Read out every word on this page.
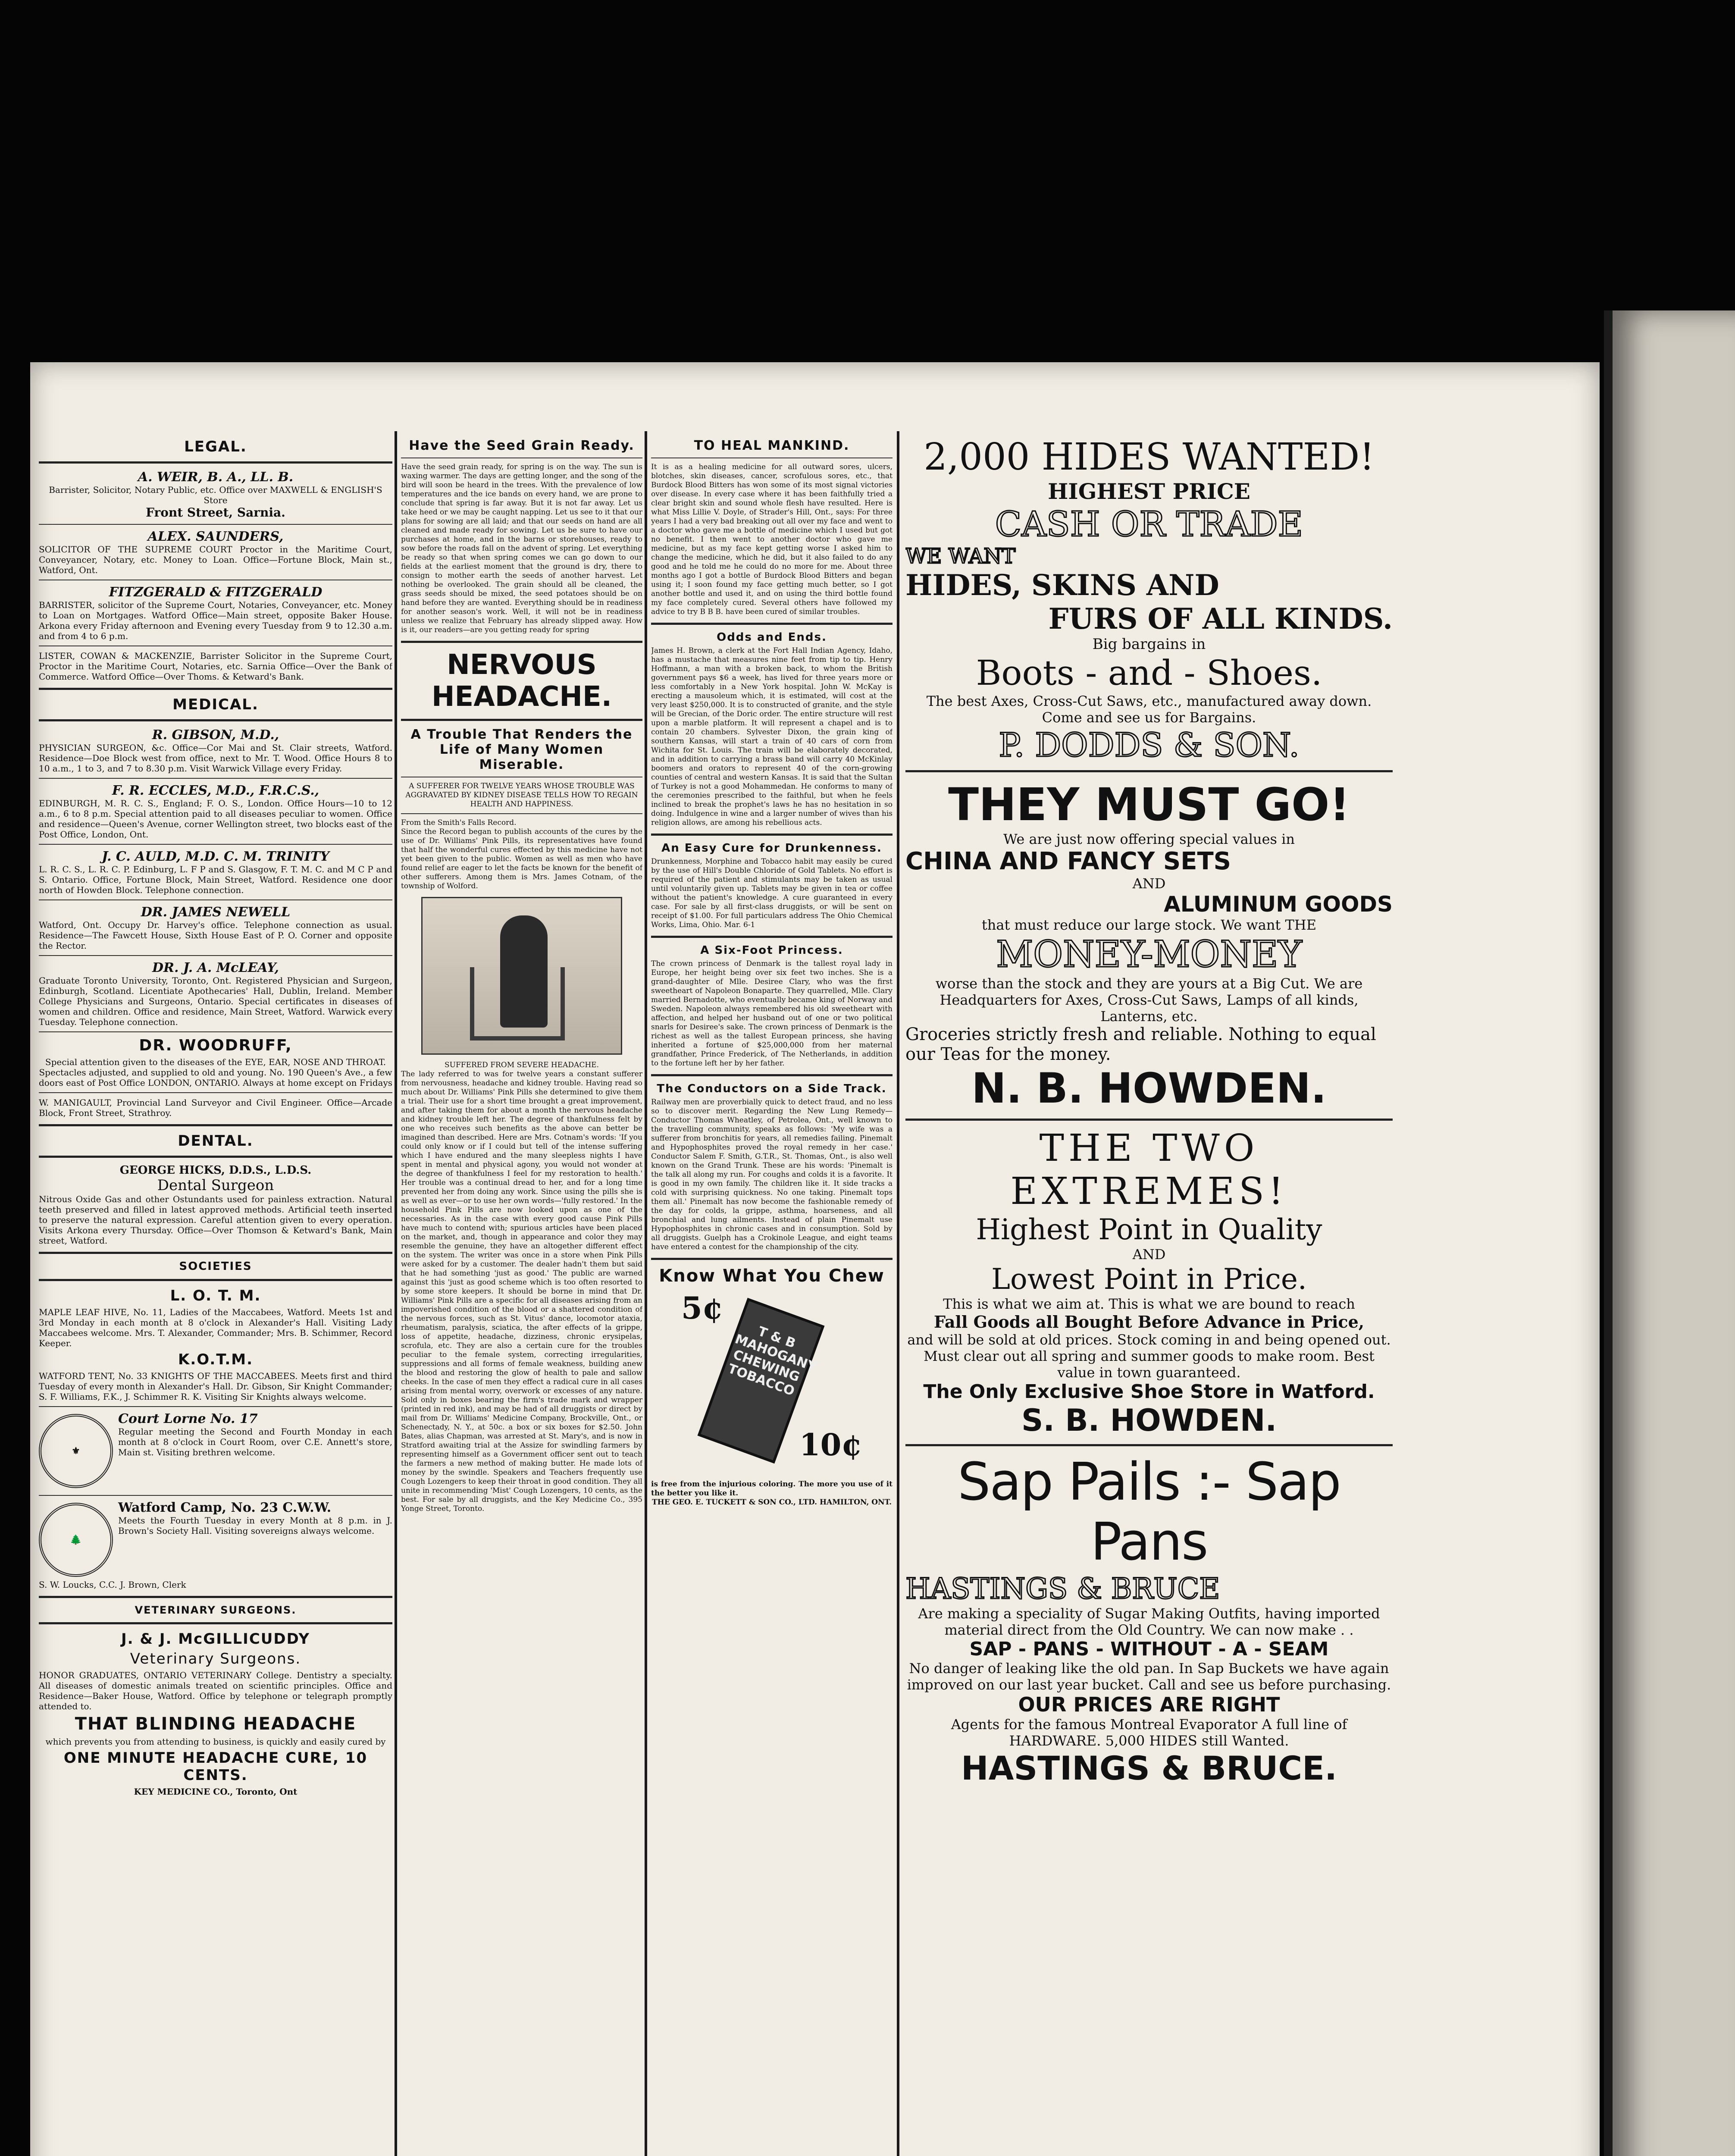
LEGAL.
A. WEIR, B. A., LL. B.
Barrister, Solicitor, Notary Public, etc. Office over MAXWELL & ENGLISH'S Store
Front Street, Sarnia.
ALEX. SAUNDERS,
SOLICITOR OF THE SUPREME COURT Proctor in the Maritime Court, Conveyancer, Notary, etc. Money to Loan. Office—Fortune Block, Main st., Watford, Ont.
FITZGERALD & FITZGERALD
BARRISTER, solicitor of the Supreme Court, Notaries, Conveyancer, etc. Money to Loan on Mortgages. Watford Office—Main street, opposite Baker House. Arkona every Friday afternoon and Evening every Tuesday from 9 to 12.30 a.m. and from 4 to 6 p.m.
LISTER, COWAN & MACKENZIE, Barrister Solicitor in the Supreme Court, Proctor in the Maritime Court, Notaries, etc. Sarnia Office—Over the Bank of Commerce. Watford Office—Over Thoms. & Ketward's Bank.
MEDICAL.
R. GIBSON, M.D.,
PHYSICIAN SURGEON, &c. Office—Cor Mai and St. Clair streets, Watford. Residence—Doe Block west from office, next to Mr. T. Wood. Office Hours 8 to 10 a.m., 1 to 3, and 7 to 8.30 p.m. Visit Warwick Village every Friday.
F. R. ECCLES, M.D., F.R.C.S.,
EDINBURGH, M. R. C. S., England; F. O. S., London. Office Hours—10 to 12 a.m., 6 to 8 p.m. Special attention paid to all diseases peculiar to women. Office and residence—Queen's Avenue, corner Wellington street, two blocks east of the Post Office, London, Ont.
J. C. AULD, M.D. C. M. TRINITY
L. R. C. S., L. R. C. P. Edinburg, L. F P and S. Glasgow, F. T. M. C. and M C P and S. Ontario. Office, Fortune Block, Main Street, Watford. Residence one door north of Howden Block. Telephone connection.
DR. JAMES NEWELL
Watford, Ont. Occupy Dr. Harvey's office. Telephone connection as usual. Residence—The Fawcett House, Sixth House East of P. O. Corner and opposite the Rector.
DR. J. A. McLEAY,
Graduate Toronto University, Toronto, Ont. Registered Physician and Surgeon, Edinburgh, Scotland. Licentiate Apothecaries' Hall, Dublin, Ireland. Member College Physicians and Surgeons, Ontario. Special certificates in diseases of women and children. Office and residence, Main Street, Watford. Warwick every Tuesday. Telephone connection.
DR. WOODRUFF,
Special attention given to the diseases of the EYE, EAR, NOSE AND THROAT. Spectacles adjusted, and supplied to old and young. No. 190 Queen's Ave., a few doors east of Post Office LONDON, ONTARIO. Always at home except on Fridays
W. MANIGAULT, Provincial Land Surveyor and Civil Engineer. Office—Arcade Block, Front Street, Strathroy.
DENTAL.
GEORGE HICKS, D.D.S., L.D.S.
Dental Surgeon
Nitrous Oxide Gas and other Ostundants used for painless extraction. Natural teeth preserved and filled in latest approved methods. Artificial teeth inserted to preserve the natural expression. Careful attention given to every operation. Visits Arkona every Thursday. Office—Over Thomson & Ketward's Bank, Main street, Watford.
SOCIETIES
L. O. T. M.
MAPLE LEAF HIVE, No. 11, Ladies of the Maccabees, Watford. Meets 1st and 3rd Monday in each month at 8 o'clock in Alexander's Hall. Visiting Lady Maccabees welcome. Mrs. T. Alexander, Commander; Mrs. B. Schimmer, Record Keeper.
K.O.T.M.
WATFORD TENT, No. 33 KNIGHTS OF THE MACCABEES. Meets first and third Tuesday of every month in Alexander's Hall. Dr. Gibson, Sir Knight Commander; S. F. Williams, F.K., J. Schimmer R. K. Visiting Sir Knights always welcome.
⚜
Court Lorne No. 17
Regular meeting the Second and Fourth Monday in each month at 8 o'clock in Court Room, over C.E. Annett's store, Main st. Visiting brethren welcome.
🌲
Watford Camp, No. 23 C.W.W.
Meets the Fourth Tuesday in every Month at 8 p.m. in J. Brown's Society Hall. Visiting sovereigns always welcome.
S. W. Loucks, C.C. J. Brown, Clerk
VETERINARY SURGEONS.
J. & J. McGILLICUDDY
Veterinary Surgeons.
HONOR GRADUATES, ONTARIO VETERINARY College. Dentistry a specialty. All diseases of domestic animals treated on scientific principles. Office and Residence—Baker House, Watford. Office by telephone or telegraph promptly attended to.
THAT BLINDING HEADACHE
which prevents you from attending to business, is quickly and easily cured by
ONE MINUTE HEADACHE CURE, 10 CENTS.
KEY MEDICINE CO., Toronto, Ont
Have the Seed Grain Ready.
Have the seed grain ready, for spring is on the way. The sun is waxing warmer. The days are getting longer, and the song of the bird will soon be heard in the trees. With the prevalence of low temperatures and the ice bands on every hand, we are prone to conclude that spring is far away. But it is not far away. Let us take heed or we may be caught napping. Let us see to it that our plans for sowing are all laid; and that our seeds on hand are all cleaned and made ready for sowing. Let us be sure to have our purchases at home, and in the barns or storehouses, ready to sow before the roads fall on the advent of spring. Let everything be ready so that when spring comes we can go down to our fields at the earliest moment that the ground is dry, there to consign to mother earth the seeds of another harvest. Let nothing be overlooked. The grain should all be cleaned, the grass seeds should be mixed, the seed potatoes should be on hand before they are wanted. Everything should be in readiness for another season's work. Well, it will not be in readiness unless we realize that February has already slipped away. How is it, our readers—are you getting ready for spring
NERVOUS HEADACHE.
A Trouble That Renders the Life of Many Women Miserable.
A SUFFERER FOR TWELVE YEARS WHOSE TROUBLE WAS AGGRAVATED BY KIDNEY DISEASE TELLS HOW TO REGAIN HEALTH AND HAPPINESS.
From the Smith's Falls Record.
Since the Record began to publish accounts of the cures by the use of Dr. Williams' Pink Pills, its representatives have found that half the wonderful cures effected by this medicine have not yet been given to the public. Women as well as men who have found relief are eager to let the facts be known for the benefit of other sufferers. Among them is Mrs. James Cotnam, of the township of Wolford.
SUFFERED FROM SEVERE HEADACHE.
The lady referred to was for twelve years a constant sufferer from nervousness, headache and kidney trouble. Having read so much about Dr. Williams' Pink Pills she determined to give them a trial. Their use for a short time brought a great improvement, and after taking them for about a month the nervous headache and kidney trouble left her. The degree of thankfulness felt by one who receives such benefits as the above can better be imagined than described. Here are Mrs. Cotnam's words: 'If you could only know or if I could but tell of the intense suffering which I have endured and the many sleepless nights I have spent in mental and physical agony, you would not wonder at the degree of thankfulness I feel for my restoration to health.' Her trouble was a continual dread to her, and for a long time prevented her from doing any work. Since using the pills she is as well as ever—or to use her own words—'fully restored.' In the household Pink Pills are now looked upon as one of the necessaries. As in the case with every good cause Pink Pills have much to contend with; spurious articles have been placed on the market, and, though in appearance and color they may resemble the genuine, they have an altogether different effect on the system. The writer was once in a store when Pink Pills were asked for by a customer. The dealer hadn't them but said that he had something 'just as good.' The public are warned against this 'just as good scheme which is too often resorted to by some store keepers. It should be borne in mind that Dr. Williams' Pink Pills are a specific for all diseases arising from an impoverished condition of the blood or a shattered condition of the nervous forces, such as St. Vitus' dance, locomotor ataxia, rheumatism, paralysis, sciatica, the after effects of la grippe, loss of appetite, headache, dizziness, chronic erysipelas, scrofula, etc. They are also a certain cure for the troubles peculiar to the female system, correcting irregularities, suppressions and all forms of female weakness, building anew the blood and restoring the glow of health to pale and sallow cheeks. In the case of men they effect a radical cure in all cases arising from mental worry, overwork or excesses of any nature. Sold only in boxes bearing the firm's trade mark and wrapper (printed in red ink), and may be had of all druggists or direct by mail from Dr. Williams' Medicine Company, Brockville, Ont., or Schenectady, N. Y., at 50c. a box or six boxes for $2.50. John Bates, alias Chapman, was arrested at St. Mary's, and is now in Stratford awaiting trial at the Assize for swindling farmers by representing himself as a Government officer sent out to teach the farmers a new method of making butter. He made lots of money by the swindle. Speakers and Teachers frequently use Cough Lozengers to keep their throat in good condition. They all unite in recommending 'Mist' Cough Lozengers, 10 cents, as the best. For sale by all druggists, and the Key Medicine Co., 395 Yonge Street, Toronto.
TO HEAL MANKIND.
It is as a healing medicine for all outward sores, ulcers, blotches, skin diseases, cancer, scrofulous sores, etc., that Burdock Blood Bitters has won some of its most signal victories over disease. In every case where it has been faithfully tried a clear bright skin and sound whole flesh have resulted. Here is what Miss Lillie V. Doyle, of Strader's Hill, Ont., says: For three years I had a very bad breaking out all over my face and went to a doctor who gave me a bottle of medicine which I used but got no benefit. I then went to another doctor who gave me medicine, but as my face kept getting worse I asked him to change the medicine, which he did, but it also failed to do any good and he told me he could do no more for me. About three months ago I got a bottle of Burdock Blood Bitters and began using it; I soon found my face getting much better, so I got another bottle and used it, and on using the third bottle found my face completely cured. Several others have followed my advice to try B B B. have been cured of similar troubles.
Odds and Ends.
James H. Brown, a clerk at the Fort Hall Indian Agency, Idaho, has a mustache that measures nine feet from tip to tip. Henry Hoffmann, a man with a broken back, to whom the British government pays $6 a week, has lived for three years more or less comfortably in a New York hospital. John W. McKay is erecting a mausoleum which, it is estimated, will cost at the very least $250,000. It is to constructed of granite, and the style will be Grecian, of the Doric order. The entire structure will rest upon a marble platform. It will represent a chapel and is to contain 20 chambers. Sylvester Dixon, the grain king of southern Kansas, will start a train of 40 cars of corn from Wichita for St. Louis. The train will be elaborately decorated, and in addition to carrying a brass band will carry 40 McKinlay boomers and orators to represent 40 of the corn-growing counties of central and western Kansas. It is said that the Sultan of Turkey is not a good Mohammedan. He conforms to many of the ceremonies prescribed to the faithful, but when he feels inclined to break the prophet's laws he has no hesitation in so doing. Indulgence in wine and a larger number of wives than his religion allows, are among his rebellious acts.
An Easy Cure for Drunkenness.
Drunkenness, Morphine and Tobacco habit may easily be cured by the use of Hill's Double Chloride of Gold Tablets. No effort is required of the patient and stimulants may be taken as usual until voluntarily given up. Tablets may be given in tea or coffee without the patient's knowledge. A cure guaranteed in every case. For sale by all first-class druggists, or will be sent on receipt of $1.00. For full particulars address The Ohio Chemical Works, Lima, Ohio. Mar. 6-1
A Six-Foot Princess.
The crown princess of Denmark is the tallest royal lady in Europe, her height being over six feet two inches. She is a grand-daughter of Mlle. Desiree Clary, who was the first sweetheart of Napoleon Bonaparte. They quarrelled, Mlle. Clary married Bernadotte, who eventually became king of Norway and Sweden. Napoleon always remembered his old sweetheart with affection, and helped her husband out of one or two political snarls for Desiree's sake. The crown princess of Denmark is the richest as well as the tallest European princess, she having inherited a fortune of $25,000,000 from her maternal grandfather, Prince Frederick, of The Netherlands, in addition to the fortune left her by her father.
The Conductors on a Side Track.
Railway men are proverbially quick to detect fraud, and no less so to discover merit. Regarding the New Lung Remedy— Conductor Thomas Wheatley, of Petrolea, Ont., well known to the travelling community, speaks as follows: 'My wife was a sufferer from bronchitis for years, all remedies failing. Pinemalt and Hypophosphites proved the royal remedy in her case.' Conductor Salem F. Smith, G.T.R., St. Thomas, Ont., is also well known on the Grand Trunk. These are his words: 'Pinemalt is the talk all along my run. For coughs and colds it is a favorite. It is good in my own family. The children like it. It side tracks a cold with surprising quickness. No one taking. Pinemalt tops them all.' Pinemalt has now become the fashionable remedy of the day for colds, la grippe, asthma, hoarseness, and all bronchial and lung ailments. Instead of plain Pinemalt use Hypophosphites in chronic cases and in consumption. Sold by all druggists. Guelph has a Crokinole League, and eight teams have entered a contest for the championship of the city.
Know What You Chew
5¢
T & B MAHOGANY CHEWING TOBACCO
10¢
is free from the injurious coloring. The more you use of it the better you like it.
THE GEO. E. TUCKETT & SON CO., LTD. HAMILTON, ONT.
2,000 HIDES WANTED!
HIGHEST PRICE
CASH OR TRADE
WE WANT
HIDES, SKINS AND
FURS OF ALL KINDS.
Big bargains in
Boots - and - Shoes.
The best Axes, Cross-Cut Saws, etc., manufactured away down. Come and see us for Bargains.
P. DODDS & SON.
THEY MUST GO!
We are just now offering special values in
CHINA AND FANCY SETS
AND
ALUMINUM GOODS
that must reduce our large stock. We want THE
MONEY-MONEY
worse than the stock and they are yours at a Big Cut. We are Headquarters for Axes, Cross-Cut Saws, Lamps of all kinds, Lanterns, etc.
Groceries strictly fresh and reliable. Nothing to equal our Teas for the money.
N. B. HOWDEN.
THE TWO EXTREMES!
Highest Point in Quality
AND
Lowest Point in Price.
This is what we aim at. This is what we are bound to reach
Fall Goods all Bought Before Advance in Price,
and will be sold at old prices. Stock coming in and being opened out. Must clear out all spring and summer goods to make room. Best value in town guaranteed.
The Only Exclusive Shoe Store in Watford.
S. B. HOWDEN.
Sap Pails :- Sap Pans
HASTINGS & BRUCE
Are making a speciality of Sugar Making Outfits, having imported material direct from the Old Country. We can now make . .
SAP - PANS - WITHOUT - A - SEAM
No danger of leaking like the old pan. In Sap Buckets we have again improved on our last year bucket. Call and see us before purchasing.
OUR PRICES ARE RIGHT
Agents for the famous Montreal Evaporator A full line of HARDWARE. 5,000 HIDES still Wanted.
HASTINGS & BRUCE.
